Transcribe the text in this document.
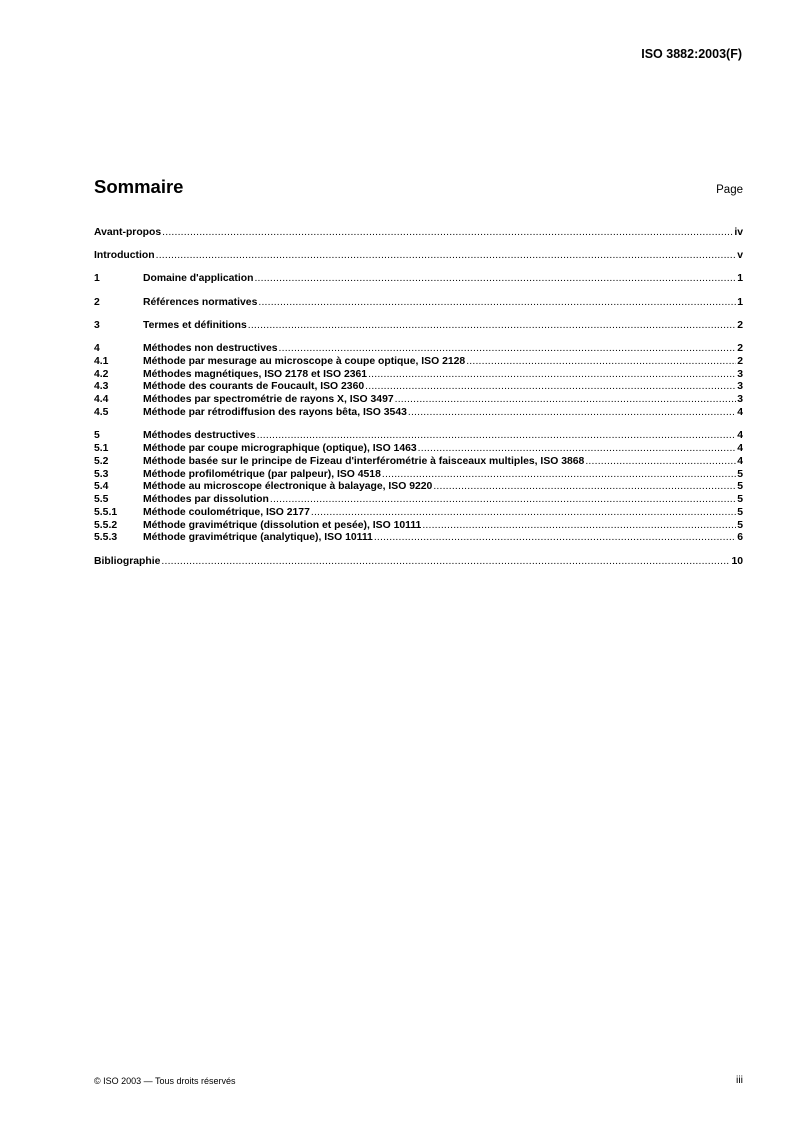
ISO 3882:2003(F)
Sommaire	Page
Avant-propos .....	iv
Introduction .....	v
1	Domaine d'application .....	1
2	Références normatives .....	1
3	Termes et définitions .....	2
4	Méthodes non destructives .....	2
4.1	Méthode par mesurage au microscope à coupe optique, ISO 2128 .....	2
4.2	Méthodes magnétiques, ISO 2178 et ISO 2361 .....	3
4.3	Méthode des courants de Foucault, ISO 2360 .....	3
4.4	Méthodes par spectrométrie de rayons X, ISO 3497 .....	3
4.5	Méthode par rétrodiffusion des rayons bêta, ISO 3543 .....	4
5	Méthodes destructives .....	4
5.1	Méthode par coupe micrographique (optique), ISO 1463 .....	4
5.2	Méthode basée sur le principe de Fizeau d'interférométrie à faisceaux multiples, ISO 3868 .....	4
5.3	Méthode profilométrique (par palpeur), ISO 4518 .....	5
5.4	Méthode au microscope électronique à balayage, ISO 9220 .....	5
5.5	Méthodes par dissolution .....	5
5.5.1	Méthode coulométrique, ISO 2177 .....	5
5.5.2	Méthode gravimétrique (dissolution et pesée), ISO 10111 .....	5
5.5.3	Méthode gravimétrique (analytique), ISO 10111 .....	6
Bibliographie .....	10
© ISO 2003 — Tous droits réservés	iii
